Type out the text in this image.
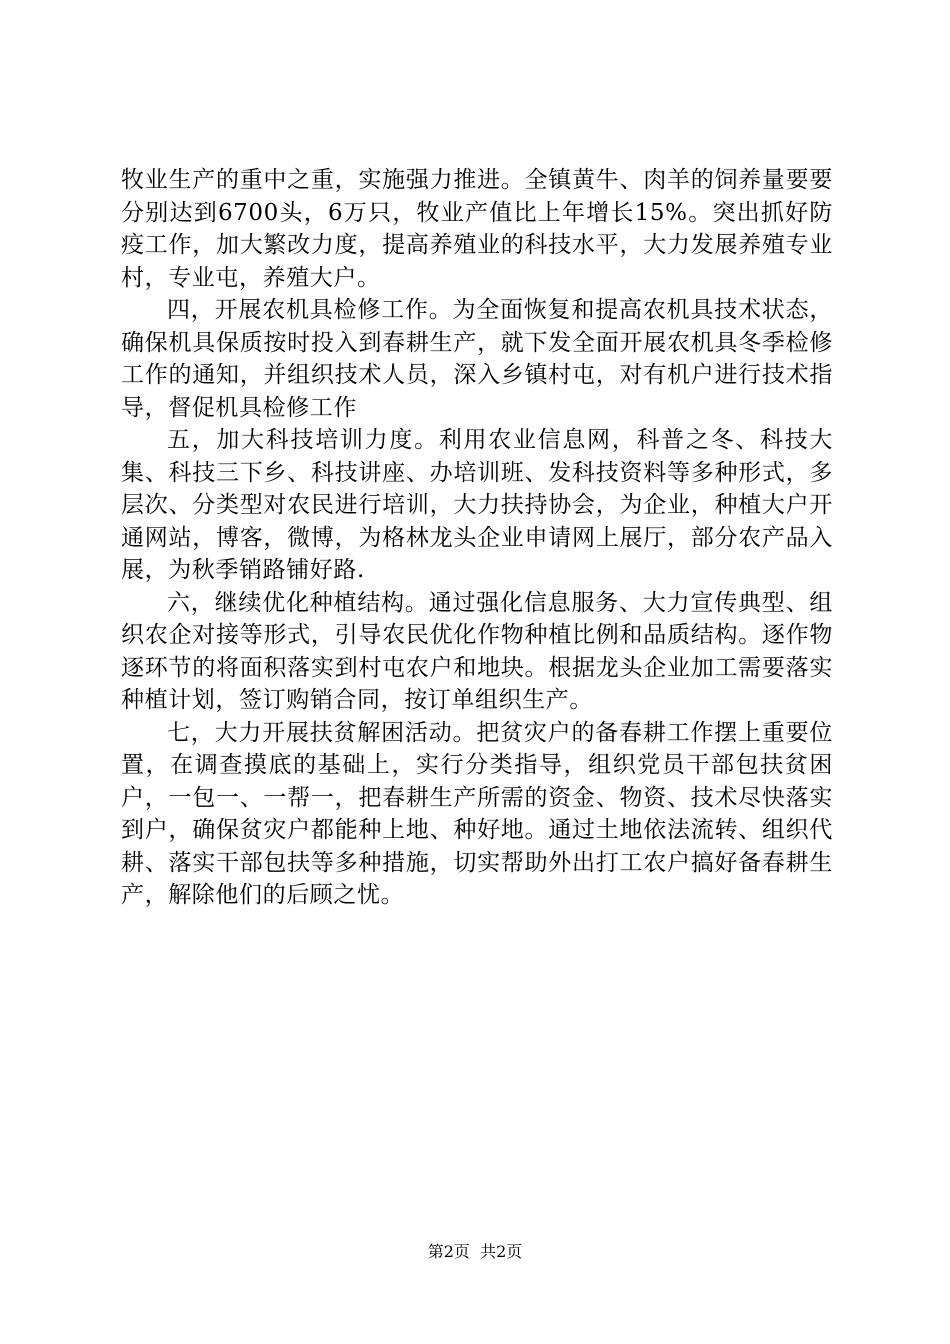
牧业生产的重中之重，实施强力推进。全镇黄牛、肉羊的饲养量要要分别达到6700头，6万只，牧业产值比上年增长15%。突出抓好防疫工作，加大繁改力度，提高养殖业的科技水平，大力发展养殖专业村，专业屯，养殖大户。

四，开展农机具检修工作。为全面恢复和提高农机具技术状态，确保机具保质按时投入到春耕生产，就下发全面开展农机具冬季检修工作的通知，并组织技术人员，深入乡镇村屯，对有机户进行技术指导，督促机具检修工作

五，加大科技培训力度。利用农业信息网，科普之冬、科技大集、科技三下乡、科技讲座、办培训班、发科技资料等多种形式，多层次、分类型对农民进行培训，大力扶持协会，为企业，种植大户开通网站，博客，微博，为格林龙头企业申请网上展厅，部分农产品入展，为秋季销路铺好路.

六，继续优化种植结构。通过强化信息服务、大力宣传典型、组织农企对接等形式，引导农民优化作物种植比例和品质结构。逐作物逐环节的将面积落实到村屯农户和地块。根据龙头企业加工需要落实种植计划，签订购销合同，按订单组织生产。

七，大力开展扶贫解困活动。把贫灾户的备春耕工作摆上重要位置，在调查摸底的基础上，实行分类指导，组织党员干部包扶贫困户，一包一、一帮一，把春耕生产所需的资金、物资、技术尽快落实到户，确保贫灾户都能种上地、种好地。通过土地依法流转、组织代耕、落实干部包扶等多种措施，切实帮助外出打工农户搞好备春耕生产，解除他们的后顾之忧。

第2页  共2页
